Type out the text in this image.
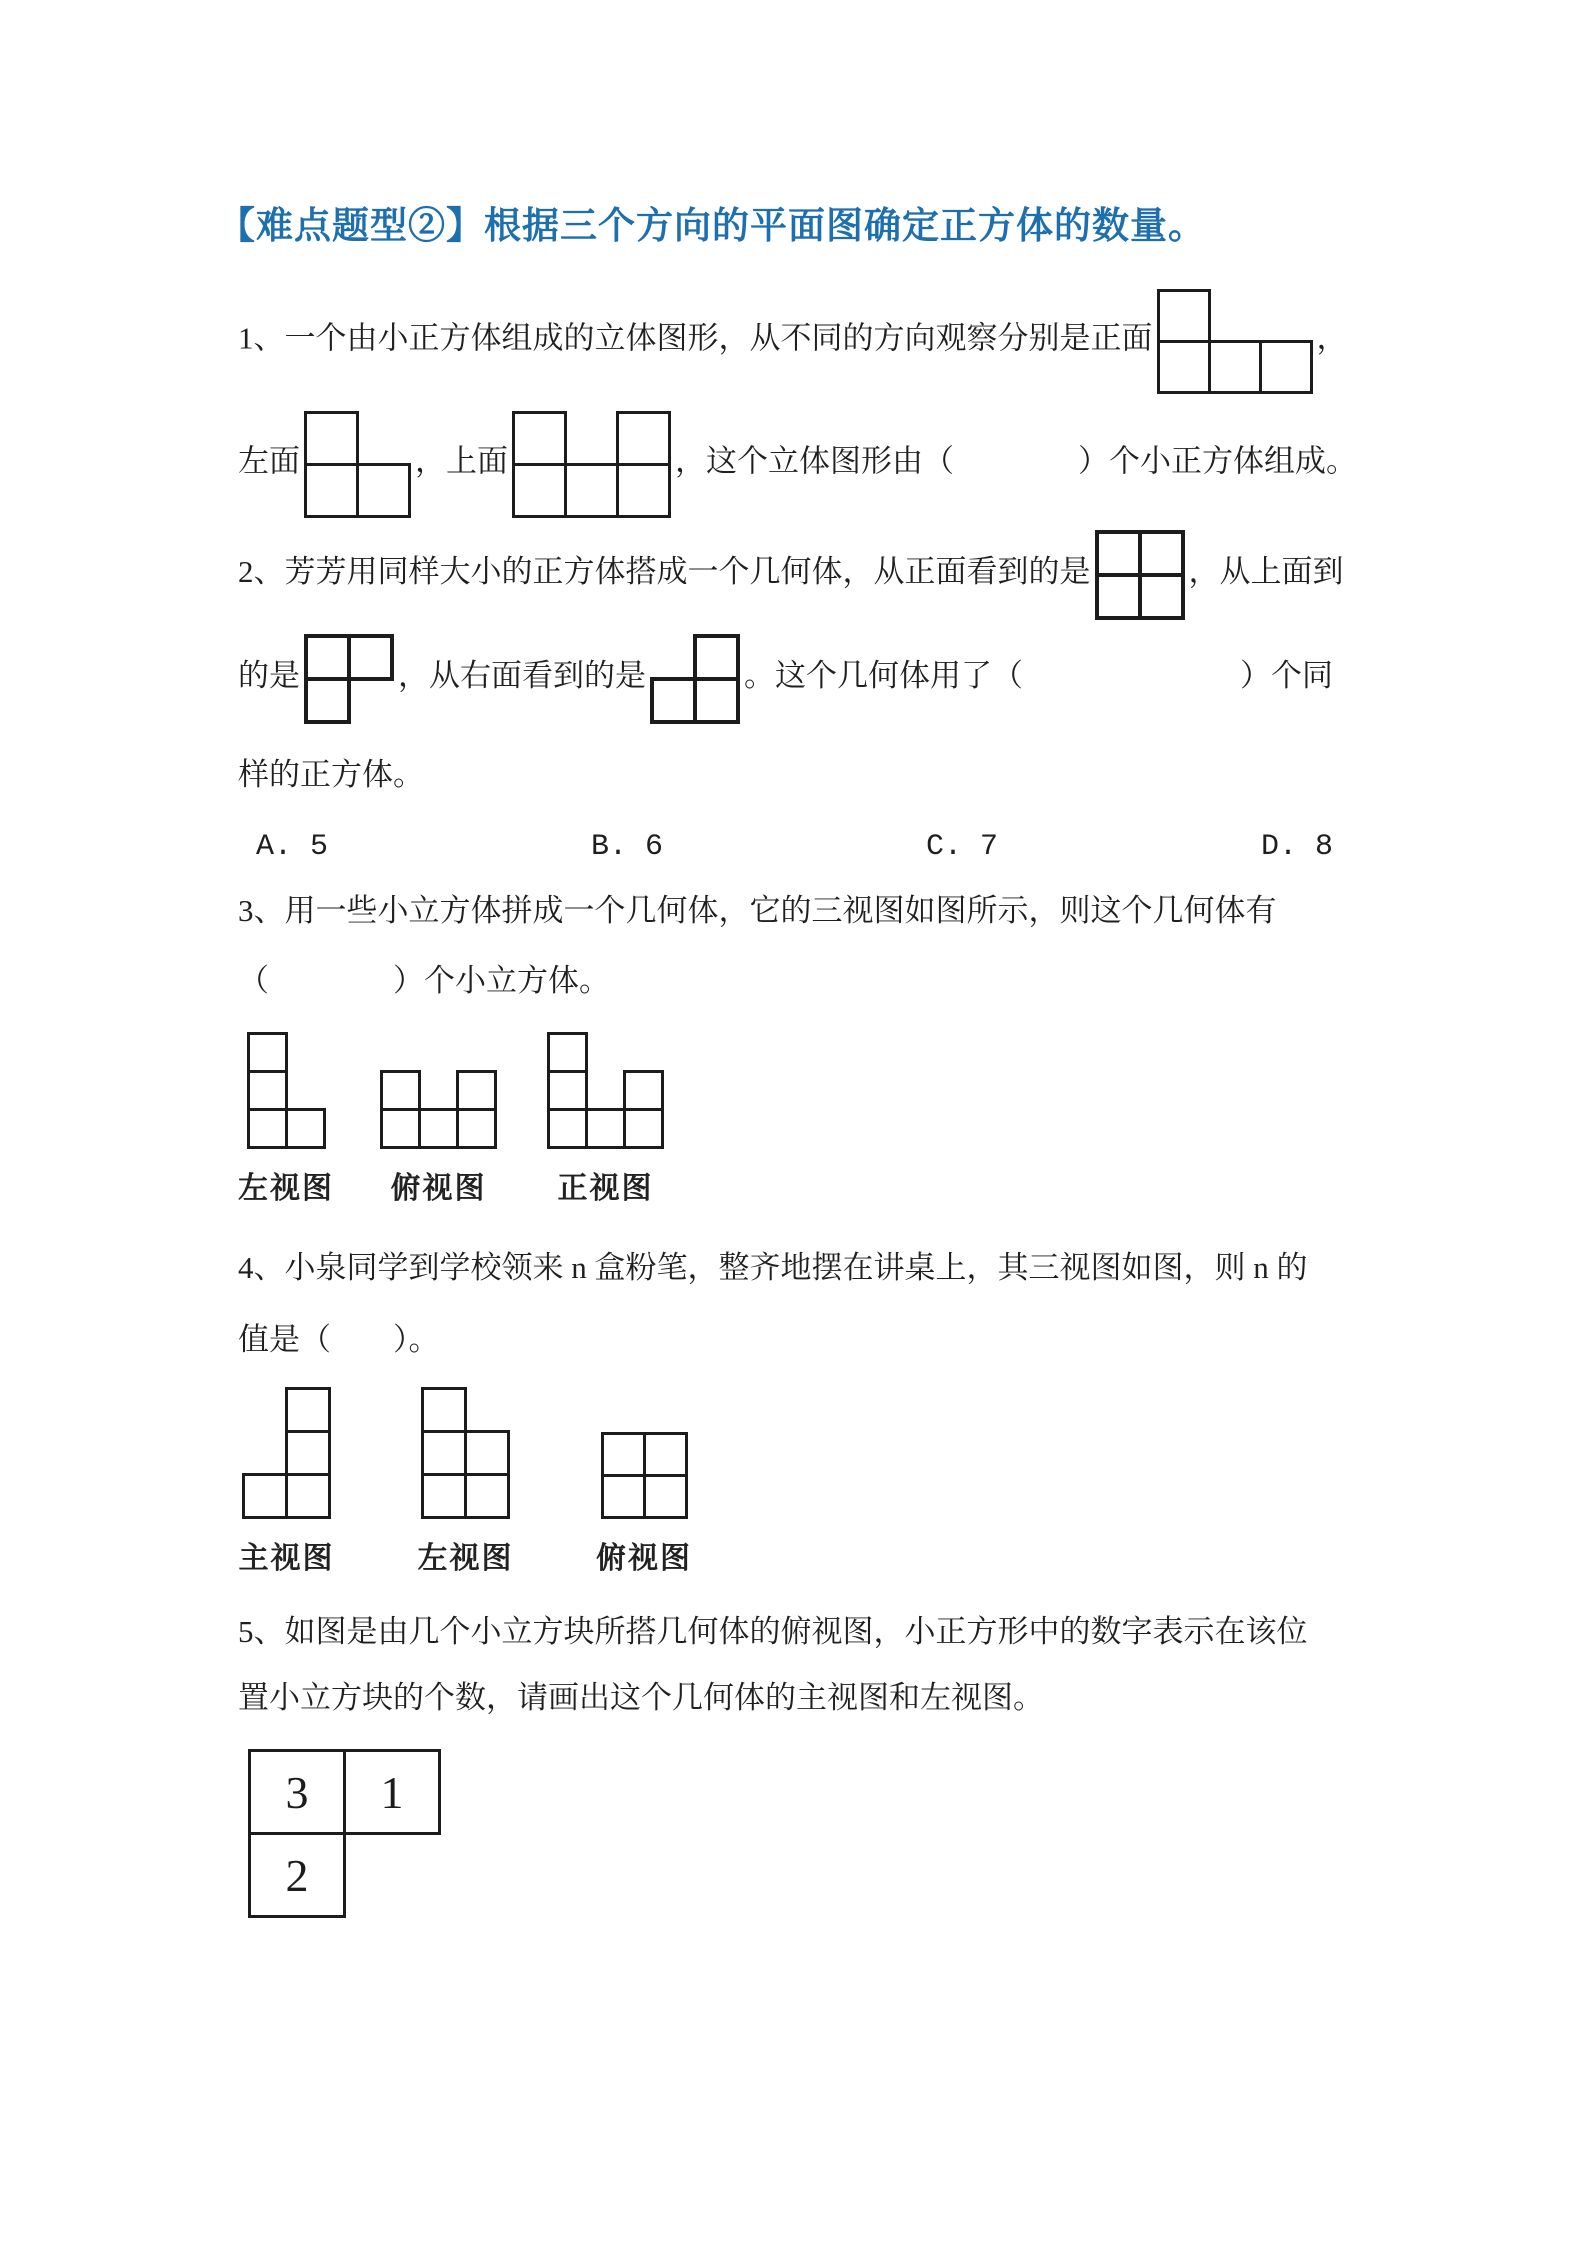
【难点题型②】根据三个方向的平面图确定正方体的数量。

1、一个由小正方体组成的立体图形，从不同的方向观察分别是正面	，

左面	，上面	，这个立体图形由（　　　　）个小正方体组成。

2、芳芳用同样大小的正方体搭成一个几何体，从正面看到的是	，从上面到

的是	，从右面看到的是	。这个几何体用了（　　　　　　　）个同

样的正方体。

A. 5	B. 6	C. 7	D. 8

3、用一些小立方体拼成一个几何体，它的三视图如图所示，则这个几何体有

（　　　　）个小立方体。

左视图 俯视图 正视图

4、小泉同学到学校领来 n 盒粉笔，整齐地摆在讲桌上，其三视图如图，则 n 的

值是（　　）。

主视图	左视图	俯视图

5、如图是由几个小立方块所搭几何体的俯视图，小正方形中的数字表示在该位

置小立方块的个数，请画出这个几何体的主视图和左视图。

3 1
2
